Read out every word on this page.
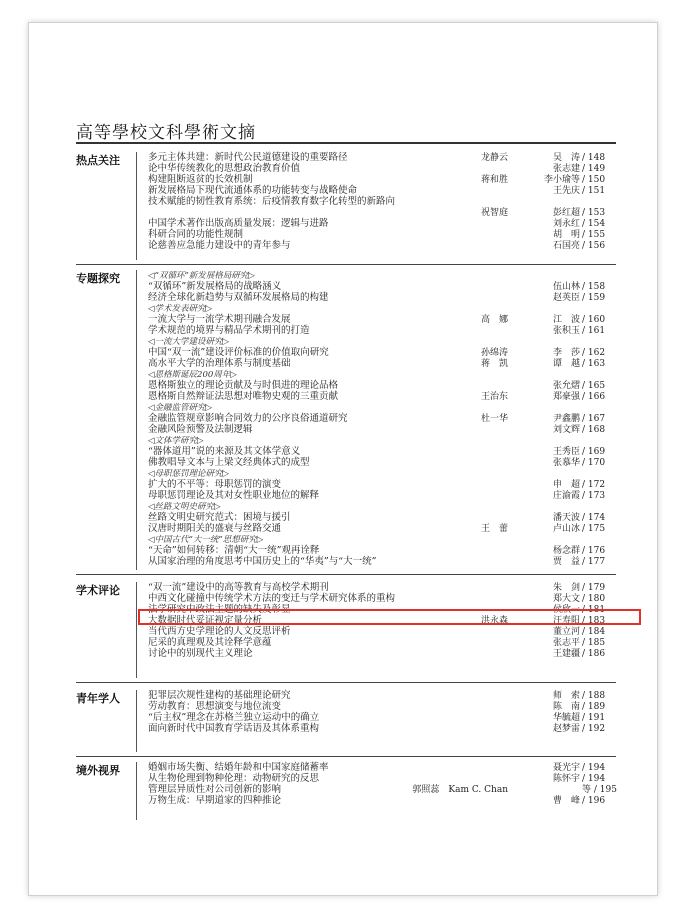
高等學校文科學術文摘
热点关注	多元主体共建：新时代公民道德建设的重要路径	龙静云	吴　涛 / 148
论中华传统教化的思想政治教育价值	张志建 / 149
构建阻断返贫的长效机制	蒋和胜	李小瑜等 / 150
新发展格局下现代流通体系的功能转变与战略使命	王先庆 / 151
技术赋能的韧性教育系统：后疫情教育数字化转型的新路向
祝智庭	彭红超 / 153
中国学术著作出版高质量发展：逻辑与进路	刘永红 / 154
科研合同的功能性规制	胡　明 / 155
论慈善应急能力建设中的青年参与	石国亮 / 156
专题探究	◁“双循环”新发展格局研究▷
“双循环”新发展格局的战略涵义	伍山林 / 158
经济全球化新趋势与双循环发展格局的构建	赵英臣 / 159
◁学术发表研究▷
一流大学与一流学术期刊融合发展	高　娜	江　波 / 160
学术规范的境界与精品学术期刊的打造	张积玉 / 161
◁一流大学建设研究▷
中国“双一流”建设评价标准的价值取向研究	孙绵涛	李　莎 / 162
高水平大学的治理体系与制度基础	蒋　凯	谭　越 / 163
◁恩格斯诞辰200周年▷
恩格斯独立的理论贡献及与时俱进的理论品格	张允熠 / 165
恩格斯自然辩证法思想对唯物史观的三重贡献	王治东	郑豪强 / 166
◁金融监管研究▷
金融监管规章影响合同效力的公序良俗通道研究	杜一华	尹鑫鹏 / 167
金融风险预警及法制逻辑	刘文辉 / 168
◁文体学研究▷
“器体道用”说的来源及其文体学意义	王秀臣 / 169
佛教唱导文本与上梁文经典体式的成型	张慕华 / 170
◁母职惩罚理论研究▷
扩大的不平等：母职惩罚的演变	申　超 / 172
母职惩罚理论及其对女性职业地位的解释	庄渝霞 / 173
◁丝路文明史研究▷
丝路文明史研究范式：困境与援引	潘天波 / 174
汉唐时期阳关的盛衰与丝路交通	王　蕾	卢山冰 / 175
◁中国古代“大一统”思想研究▷
“天命”如何转移：清朝“大一统”观再诠释	杨念群 / 176
从国家治理的角度思考中国历史上的“华夷”与“大一统”	贾　益 / 177
学术评论	“双一流”建设中的高等教育与高校学术期刊	朱　剑 / 179
中西文化碰撞中传统学术方法的变迁与学术研究体系的重构	郑大文 / 180
法学研究中政法主题的缺失及彰显	侯欣一 / 181
大数据时代妥证视定量分析	洪永森	汪寿阳 / 183
当代西方史学理论的人文反思评析	董立河 / 184
尼采的真理观及其诠释学意蕴	张志平 / 185
讨论中的别现代主义理论	王建疆 / 186
青年学人	犯罪层次规性建构的基础理论研究	师　索 / 188
劳动教育：思想演变与地位流变	陈　南 / 189
“后主权”理念在苏格兰独立运动中的确立	华毓超 / 191
面向新时代中国教育学话语及其体系重构	赵梦雷 / 192
境外视界	婚姻市场失衡、结婚年龄和中国家庭储蓄率	聂光宇 / 194
从生物伦理到物种伦理：动物研究的反思	陈怀宇 / 194
管理层异质性对公司创新的影响	郭照蕊　Kam C. Chan	等 / 195
万物生成：早期道家的四种推论	曹　峰 / 196
